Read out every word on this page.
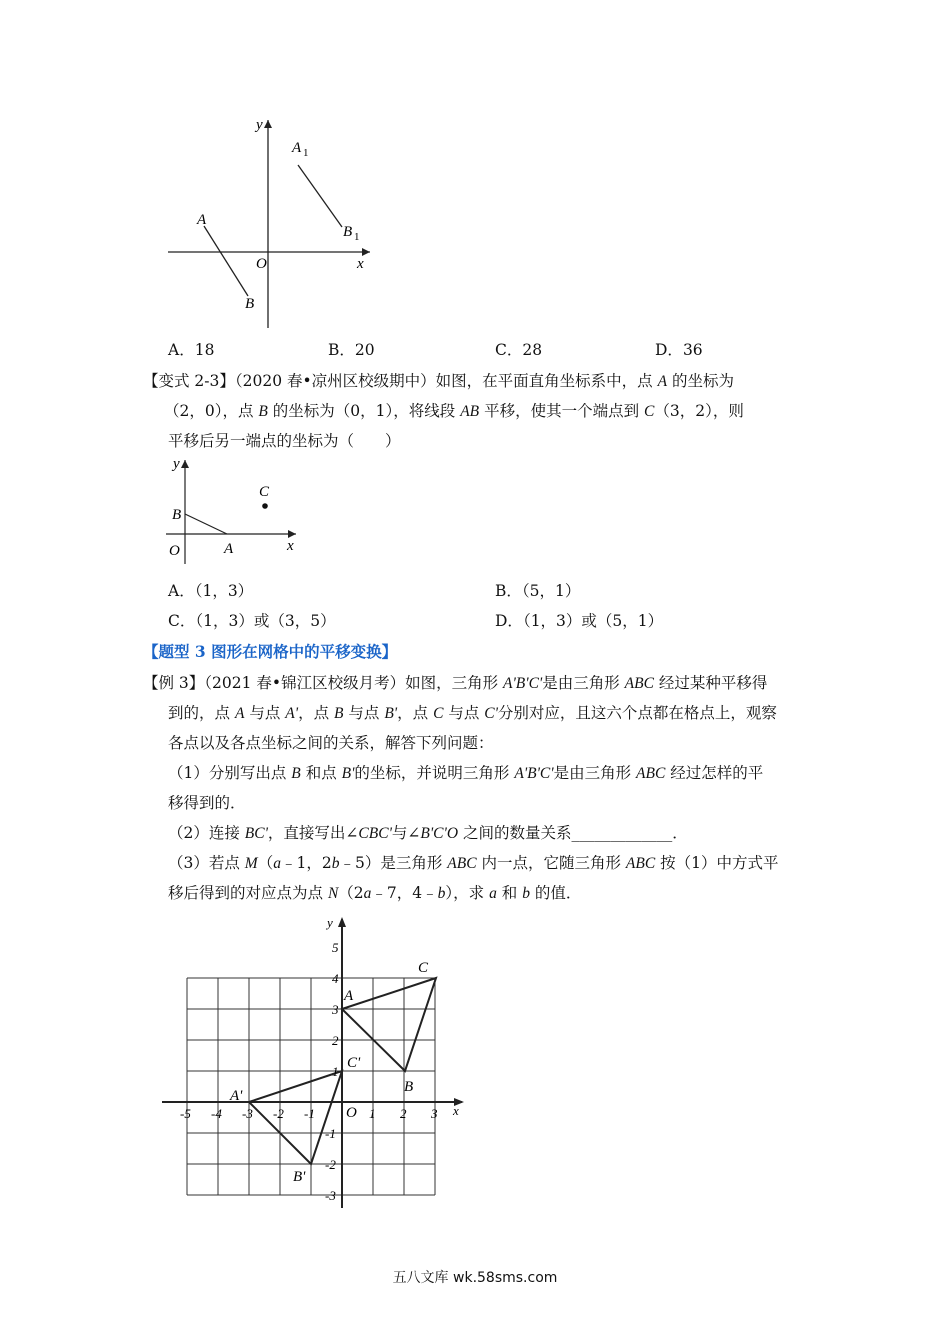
x
y
O
A
B
A 1
B 1
A．18	B．20	C．28	D．36
【变式 2-3】（2020 春•凉州区校级期中）如图，在平面直角坐标系中，点 A 的坐标为
（2，0），点 B 的坐标为（0，1），将线段 AB 平移，使其一个端点到 C（3，2），则
平移后另一端点的坐标为（　　）
x
y
O	A
B
C
A．（1，3）	B．（5，1）
C．（1，3）或（3，5）	D．（1，3）或（5，1）
【题型 3 图形在网格中的平移变换】
【例 3】（2021 春•锦江区校级月考）如图，三角形 A'B'C'是由三角形 ABC 经过某种平移得
到的，点 A 与点 A'，点 B 与点 B'，点 C 与点 C'分别对应，且这六个点都在格点上，观察
各点以及各点坐标之间的关系，解答下列问题：
（1）分别写出点 B 和点 B'的坐标，并说明三角形 A'B'C'是由三角形 ABC 经过怎样的平
移得到的．
（2）连接 BC'，直接写出∠CBC'与∠B'C'O 之间的数量关系_____________．
（3）若点 M（a﹣1，2b﹣5）是三角形 ABC 内一点，它随三角形 ABC 按（1）中方式平
移后得到的对应点为点 N（2a﹣7，4﹣b），求 a 和 b 的值．
-5 -4 -3 -2 -1	1 2 3
5
4
3
2
1
-1
-2
-3
x
y
O
A
B
C
A'
B'
C'
五八文库 wk.58sms.com
